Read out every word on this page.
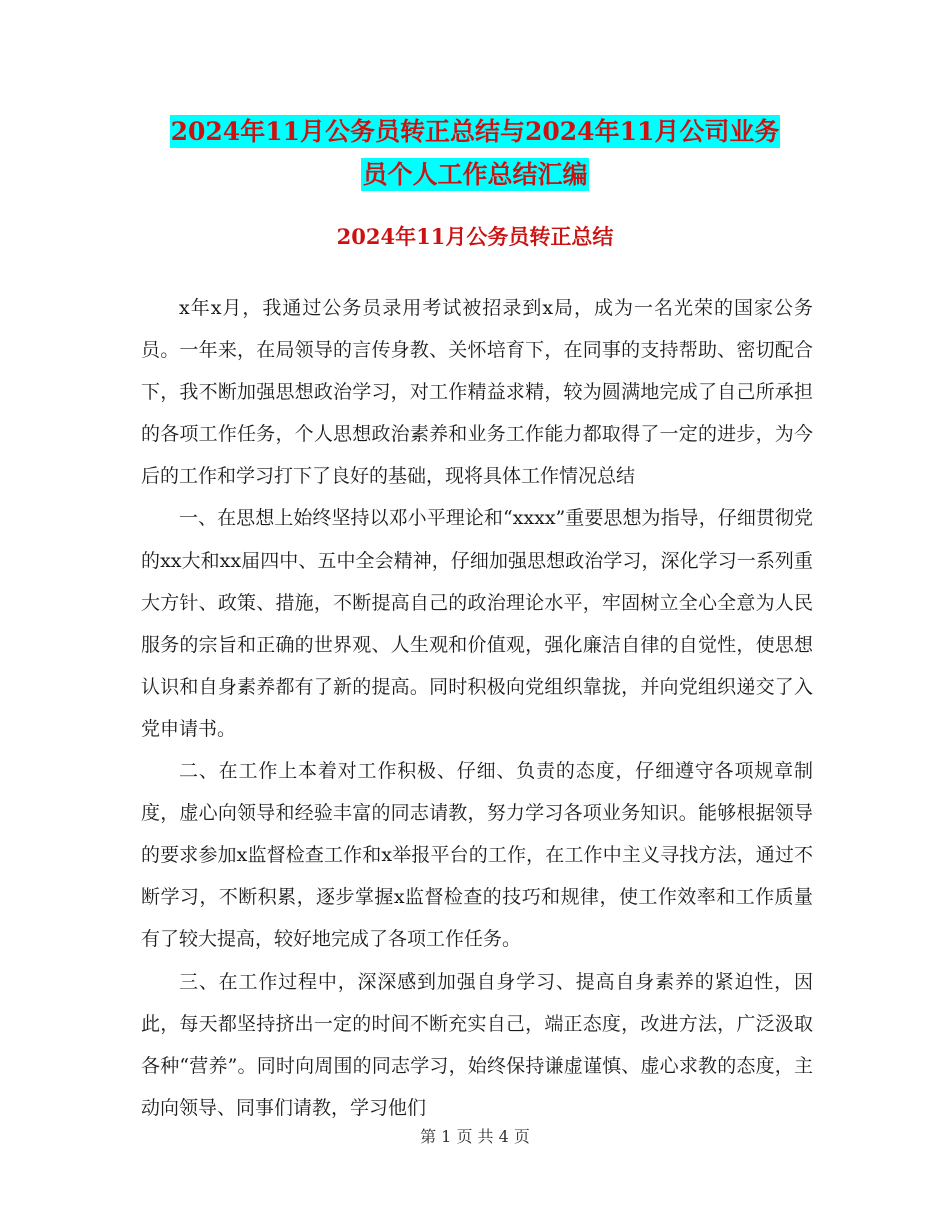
2024年11月公务员转正总结与2024年11月公司业务
员个人工作总结汇编
2024年11月公务员转正总结

x年x月，我通过公务员录用考试被招录到x局，成为一名光荣的国家公务员。一年来，在局领导的言传身教、关怀培育下，在同事的支持帮助、密切配合下，我不断加强思想政治学习，对工作精益求精，较为圆满地完成了自己所承担的各项工作任务，个人思想政治素养和业务工作能力都取得了一定的进步，为今后的工作和学习打下了良好的基础，现将具体工作情况总结

一、在思想上始终坚持以邓小平理论和“xxxx”重要思想为指导，仔细贯彻党的xx大和xx届四中、五中全会精神，仔细加强思想政治学习，深化学习一系列重大方针、政策、措施，不断提高自己的政治理论水平，牢固树立全心全意为人民服务的宗旨和正确的世界观、人生观和价值观，强化廉洁自律的自觉性，使思想认识和自身素养都有了新的提高。同时积极向党组织靠拢，并向党组织递交了入党申请书。

二、在工作上本着对工作积极、仔细、负责的态度，仔细遵守各项规章制度，虚心向领导和经验丰富的同志请教，努力学习各项业务知识。能够根据领导的要求参加x监督检查工作和x举报平台的工作，在工作中主义寻找方法，通过不断学习，不断积累，逐步掌握x监督检查的技巧和规律，使工作效率和工作质量有了较大提高，较好地完成了各项工作任务。

三、在工作过程中，深深感到加强自身学习、提高自身素养的紧迫性，因此，每天都坚持挤出一定的时间不断充实自己，端正态度，改进方法，广泛汲取各种“营养”。同时向周围的同志学习，始终保持谦虚谨慎、虚心求教的态度，主动向领导、同事们请教，学习他们

第 1 页 共 4 页
